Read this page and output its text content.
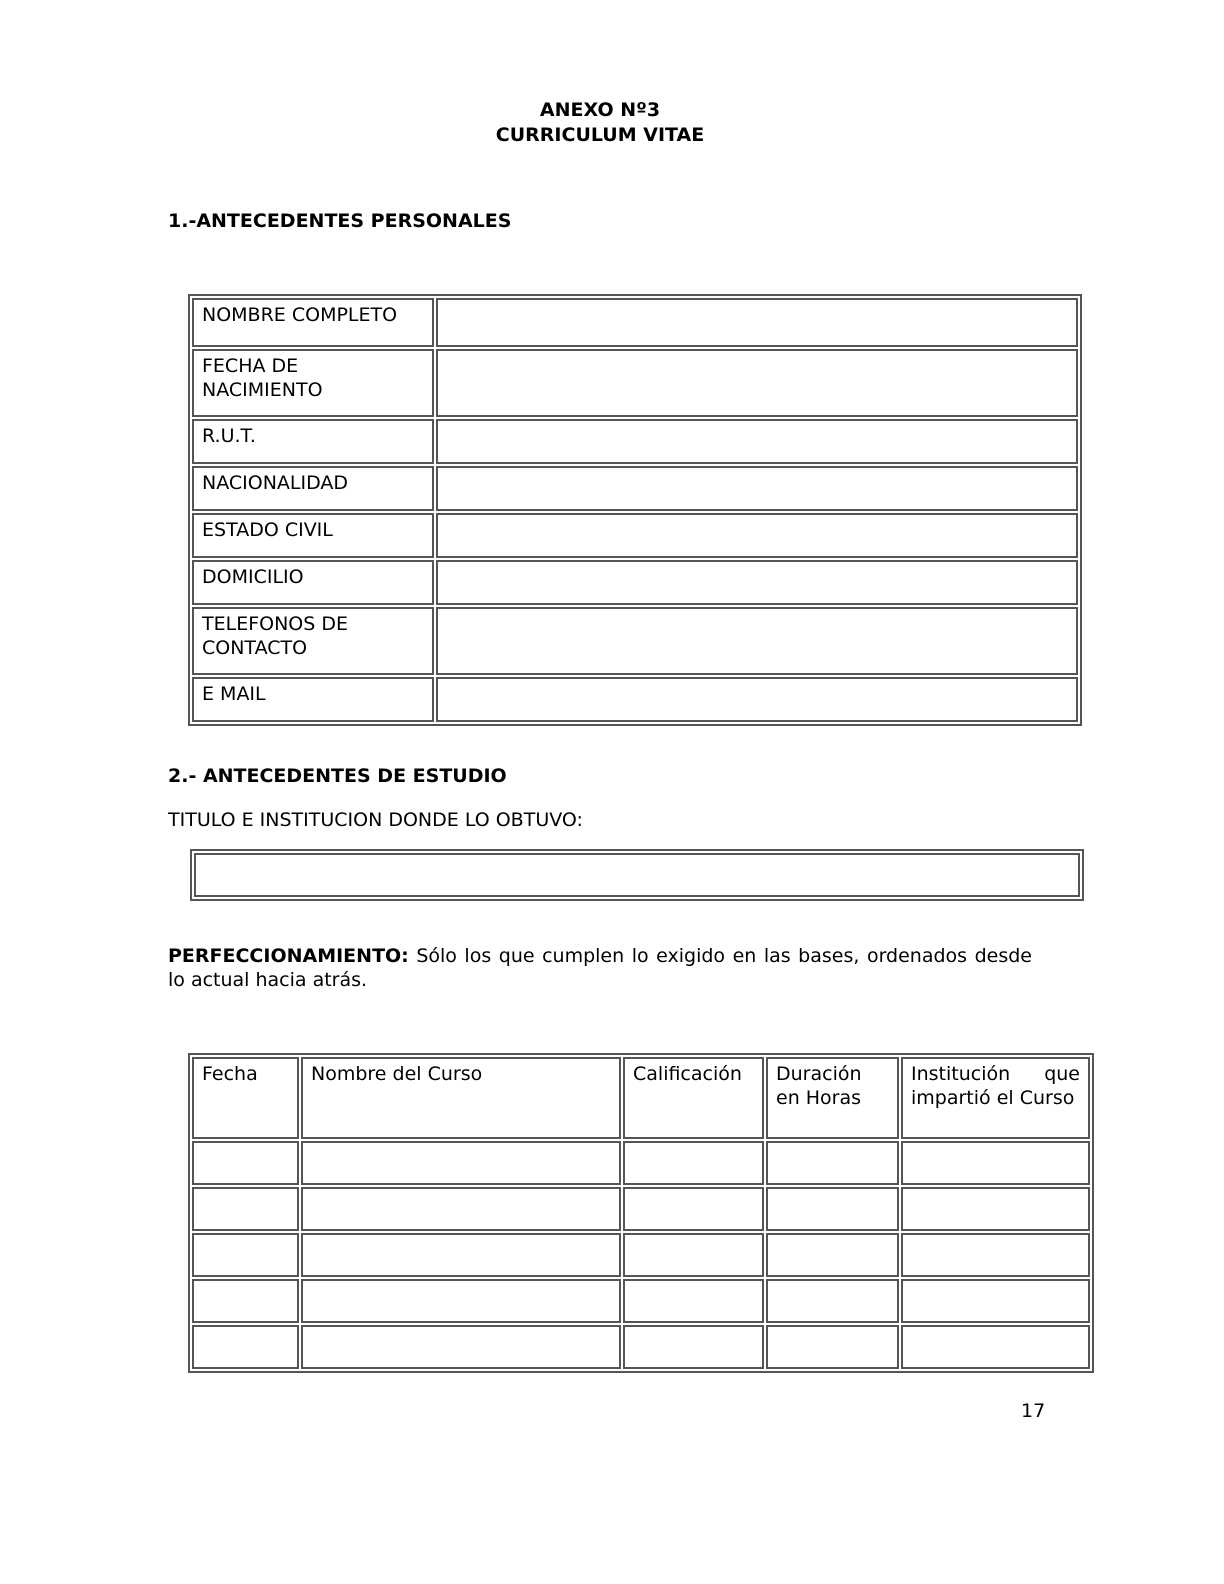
ANEXO Nº3
CURRICULUM VITAE
1.-ANTECEDENTES PERSONALES
NOMBRE COMPLETO	
FECHA DE NACIMIENTO	
R.U.T.	
NACIONALIDAD	
ESTADO CIVIL	
DOMICILIO	
TELEFONOS DE CONTACTO	
E MAIL	
2.- ANTECEDENTES DE ESTUDIO
TITULO E INSTITUCION DONDE LO OBTUVO:
PERFECCIONAMIENTO: Sólo los que cumplen lo exigido en las bases, ordenados desde lo actual hacia atrás.
Fecha	Nombre del Curso	Calificación	Duración en Horas	Institución que impartió el Curso

17
